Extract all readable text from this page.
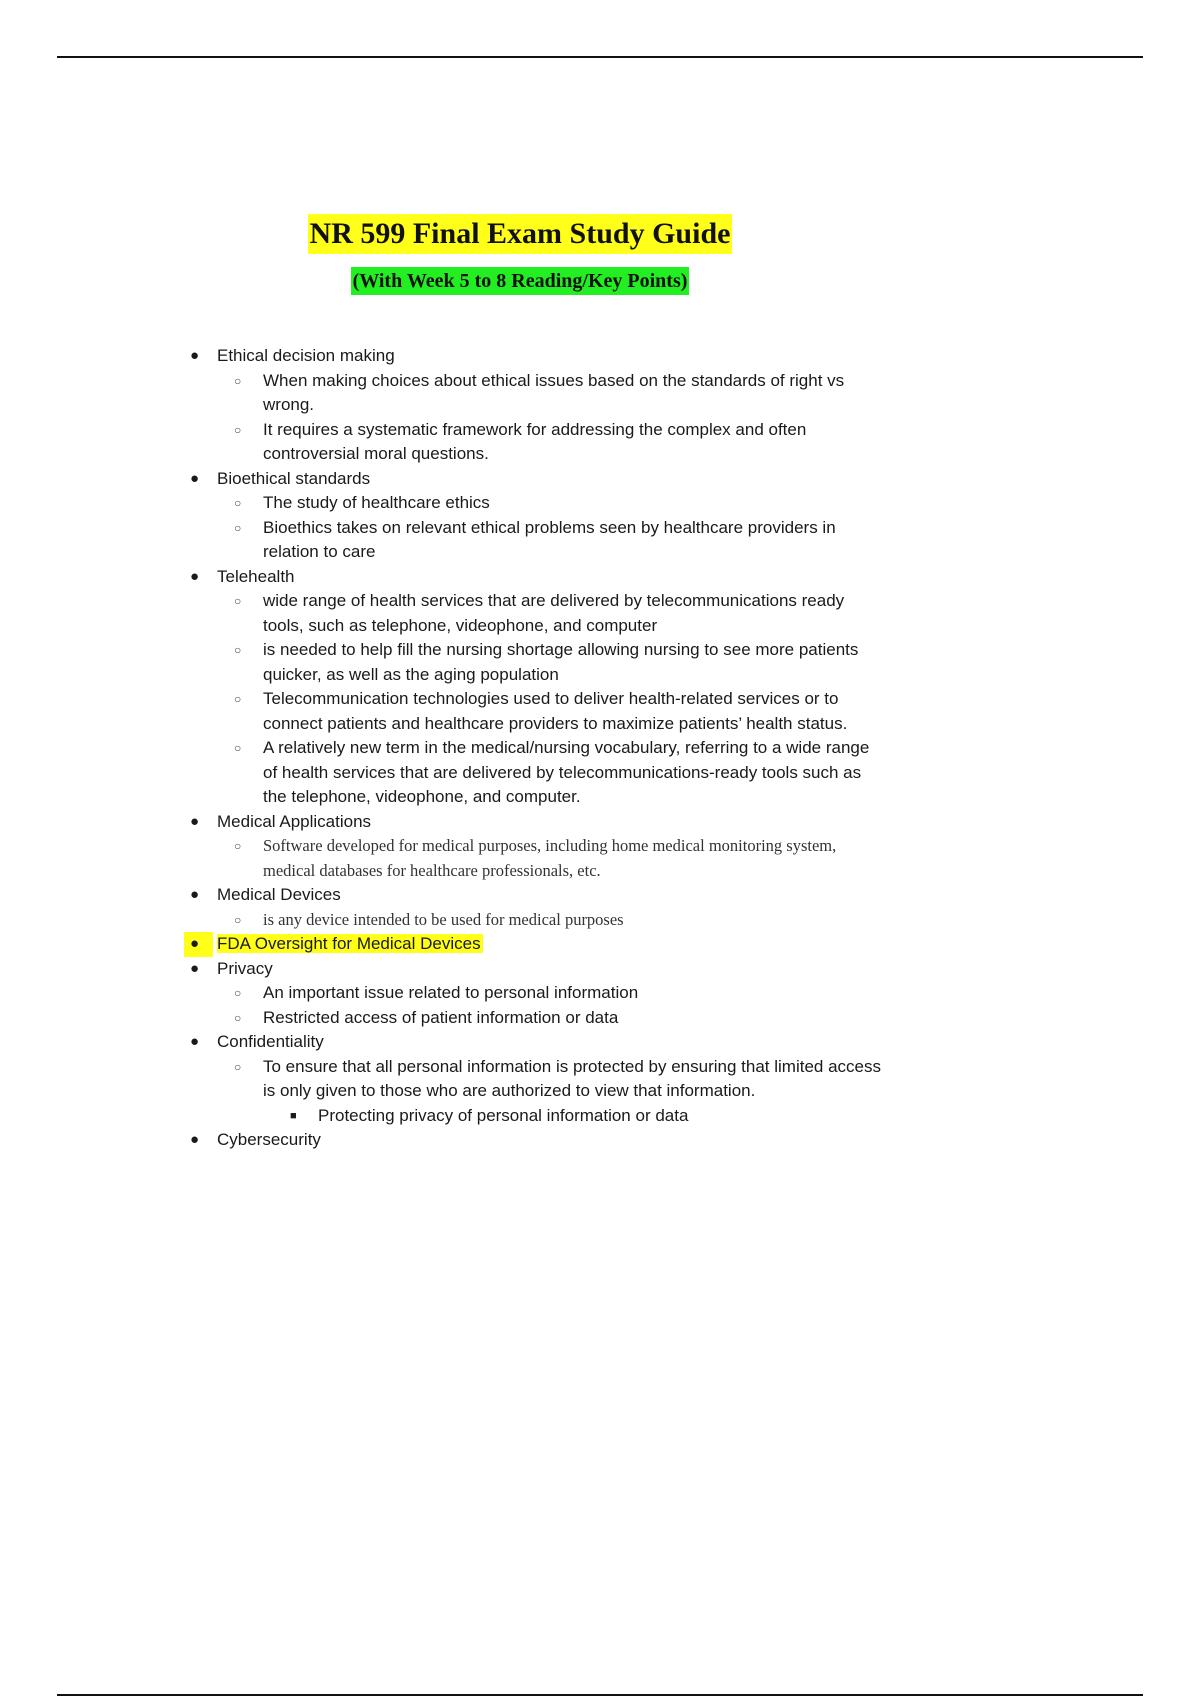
NR 599 Final Exam Study Guide
(With Week 5 to 8 Reading/Key Points)
● Ethical decision making
○ When making choices about ethical issues based on the standards of right vs wrong.
○ It requires a systematic framework for addressing the complex and often controversial moral questions.
● Bioethical standards
○ The study of healthcare ethics
○ Bioethics takes on relevant ethical problems seen by healthcare providers in relation to care
● Telehealth
○ wide range of health services that are delivered by telecommunications ready tools, such as telephone, videophone, and computer
○ is needed to help fill the nursing shortage allowing nursing to see more patients quicker, as well as the aging population
○ Telecommunication technologies used to deliver health-related services or to connect patients and healthcare providers to maximize patients’ health status.
○ A relatively new term in the medical/nursing vocabulary, referring to a wide range of health services that are delivered by telecommunications-ready tools such as the telephone, videophone, and computer.
● Medical Applications
○ Software developed for medical purposes, including home medical monitoring system, medical databases for healthcare professionals, etc.
● Medical Devices
○ is any device intended to be used for medical purposes
● FDA Oversight for Medical Devices
● Privacy
○ An important issue related to personal information
○ Restricted access of patient information or data
● Confidentiality
○ To ensure that all personal information is protected by ensuring that limited access is only given to those who are authorized to view that information.
■ Protecting privacy of personal information or data
● Cybersecurity
